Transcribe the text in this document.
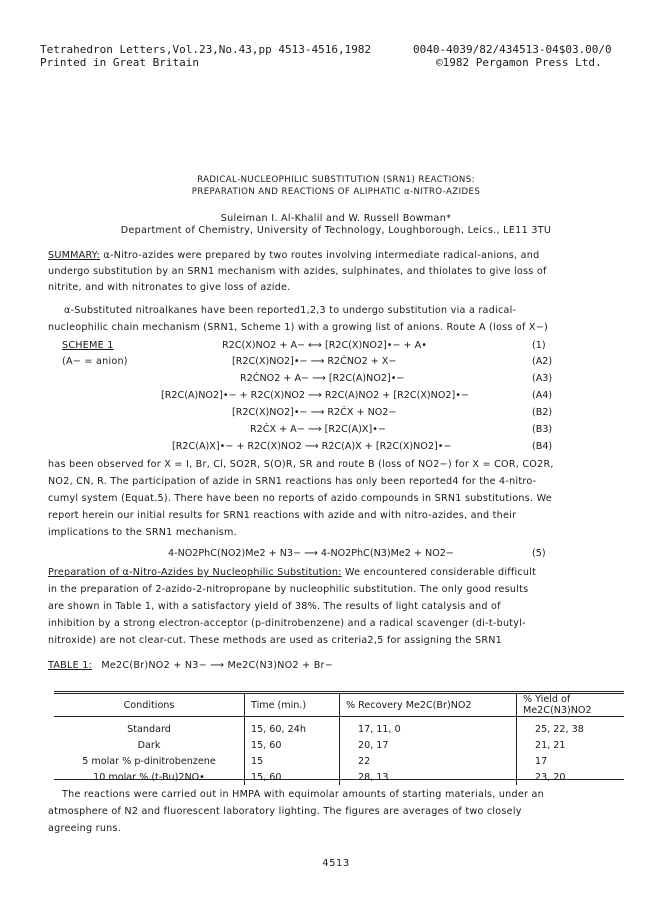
Tetrahedron Letters,Vol.23,No.43,pp 4513-4516,1982
Printed in Great Britain
0040-4039/82/434513-04$03.00/0
©1982 Pergamon Press Ltd.
RADICAL-NUCLEOPHILIC SUBSTITUTION (SRN1) REACTIONS:
PREPARATION AND REACTIONS OF ALIPHATIC α-NITRO-AZIDES
Suleiman I. Al-Khalil and W. Russell Bowman*
Department of Chemistry, University of Technology, Loughborough, Leics., LE11 3TU
SUMMARY: α-Nitro-azides were prepared by two routes involving intermediate radical-anions, and
undergo substitution by an SRN1 mechanism with azides, sulphinates, and thiolates to give loss of
nitrite, and with nitronates to give loss of azide.
α-Substituted nitroalkanes have been reported1,2,3 to undergo substitution via a radical-
nucleophilic chain mechanism (SRN1, Scheme 1) with a growing list of anions. Route A (loss of X−)
SCHEME 1
(A− = anion)
R2C(X)NO2 + A− ⟷ [R2C(X)NO2]•− + A•	(1)
[R2C(X)NO2]•− ⟶ R2ĊNO2 + X−	(A2)
R2ĊNO2 + A− ⟶ [R2C(A)NO2]•−	(A3)
[R2C(A)NO2]•− + R2C(X)NO2 ⟶ R2C(A)NO2 + [R2C(X)NO2]•−	(A4)
[R2C(X)NO2]•− ⟶ R2ĊX + NO2−	(B2)
R2ĊX + A− ⟶ [R2C(A)X]•−	(B3)
[R2C(A)X]•− + R2C(X)NO2 ⟶ R2C(A)X + [R2C(X)NO2]•−	(B4)
has been observed for X = I, Br, Cl, SO2R, S(O)R, SR and route B (loss of NO2−) for X = COR, CO2R,
NO2, CN, R. The participation of azide in SRN1 reactions has only been reported4 for the 4-nitro-
cumyl system (Equat.5). There have been no reports of azido compounds in SRN1 substitutions. We
report herein our initial results for SRN1 reactions with azide and with nitro-azides, and their
implications to the SRN1 mechanism.
4-NO2PhC(NO2)Me2 + N3− ⟶ 4-NO2PhC(N3)Me2 + NO2−	(5)
Preparation of α-Nitro-Azides by Nucleophilic Substitution: We encountered considerable difficult
in the preparation of 2-azido-2-nitropropane by nucleophilic substitution. The only good results
are shown in Table 1, with a satisfactory yield of 38%. The results of light catalysis and of
inhibition by a strong electron-acceptor (p-dinitrobenzene) and a radical scavenger (di-t-butyl-
nitroxide) are not clear-cut. These methods are used as criteria2,5 for assigning the SRN1
TABLE 1: Me2C(Br)NO2 + N3− ⟶ Me2C(N3)NO2 + Br−
Conditions	Time (min.)	% Recovery Me2C(Br)NO2	% Yield of Me2C(N3)NO2
Standard	15, 60, 24h	17, 11, 0	25, 22, 38
Dark	15, 60	20, 17	21, 21
5 molar % p-dinitrobenzene	15	22	17
10 molar % (t-Bu)2NO•	15, 60	28, 13	23, 20
The reactions were carried out in HMPA with equimolar amounts of starting materials, under an
atmosphere of N2 and fluorescent laboratory lighting. The figures are averages of two closely
agreeing runs.
4513
